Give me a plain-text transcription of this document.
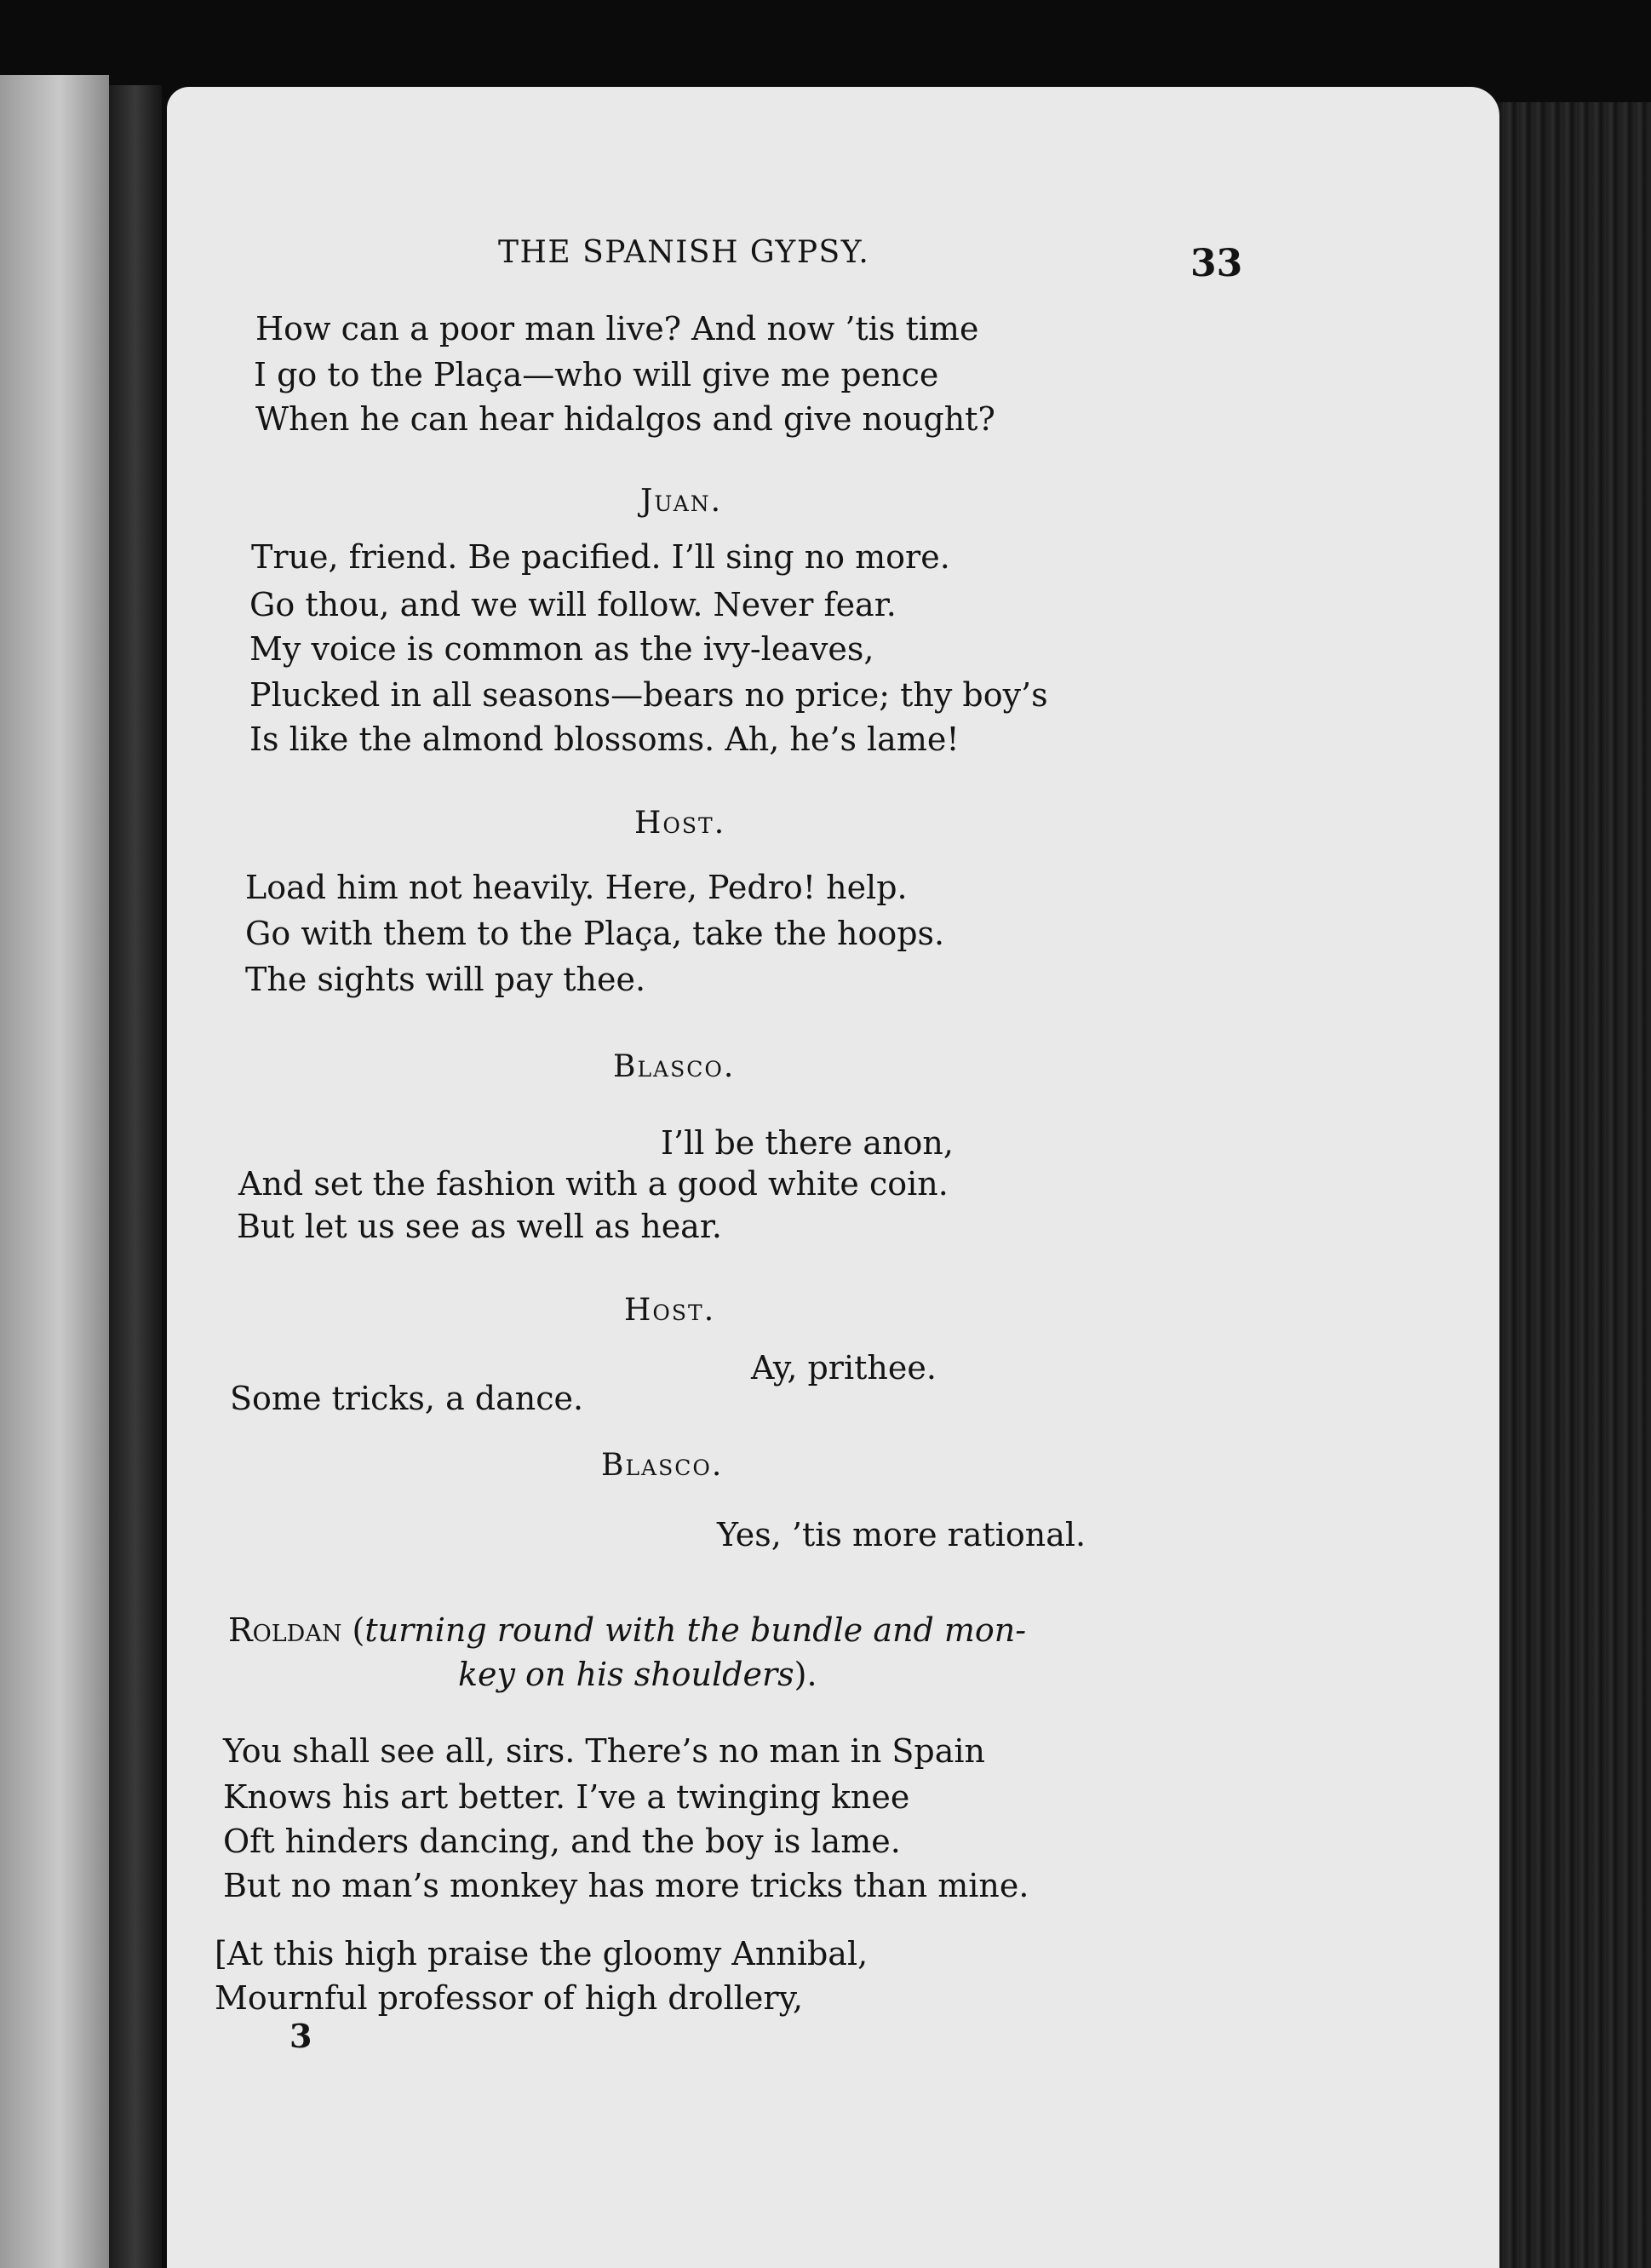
THE SPANISH GYPSY.	33
How can a poor man live? And now ’tis time
I go to the Plaça—who will give me pence
When he can hear hidalgos and give nought?
Juan.
True, friend. Be pacified. I’ll sing no more.
Go thou, and we will follow. Never fear.
My voice is common as the ivy-leaves,
Plucked in all seasons—bears no price; thy boy’s
Is like the almond blossoms. Ah, he’s lame!
Host.
Load him not heavily. Here, Pedro! help.
Go with them to the Plaça, take the hoops.
The sights will pay thee.
Blasco.
I’ll be there anon,
And set the fashion with a good white coin.
But let us see as well as hear.
Host.
Ay, prithee.
Some tricks, a dance.
Blasco.
Yes, ’tis more rational.
Roldan (turning round with the bundle and mon-
key on his shoulders).
You shall see all, sirs. There’s no man in Spain
Knows his art better. I’ve a twinging knee
Oft hinders dancing, and the boy is lame.
But no man’s monkey has more tricks than mine.
[At this high praise the gloomy Annibal,
Mournful professor of high drollery,
3
